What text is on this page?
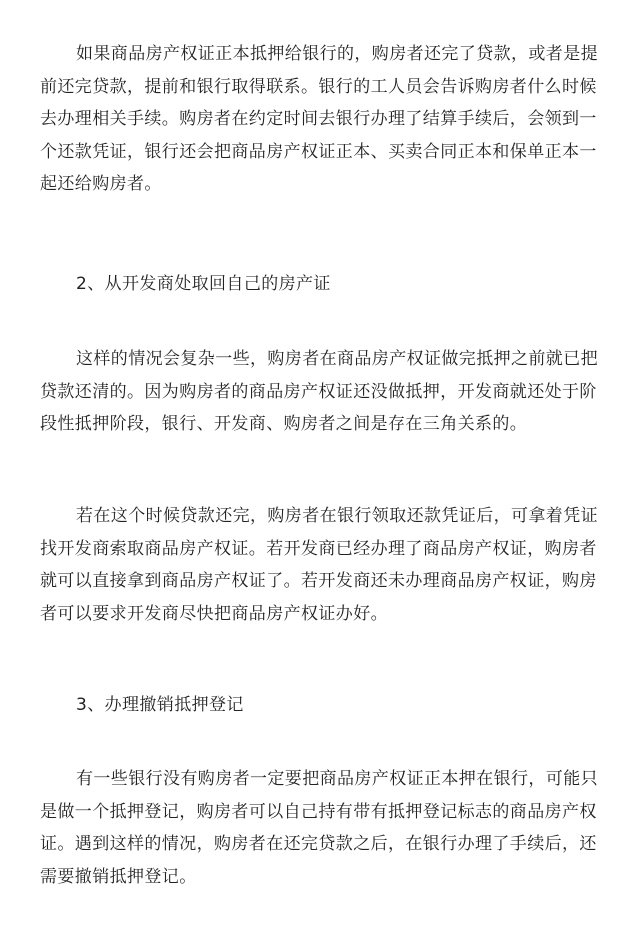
如果商品房产权证正本抵押给银行的，购房者还完了贷款，或者是提前还完贷款，提前和银行取得联系。银行的工人员会告诉购房者什么时候去办理相关手续。购房者在约定时间去银行办理了结算手续后，会领到一个还款凭证，银行还会把商品房产权证正本、买卖合同正本和保单正本一起还给购房者。

2、从开发商处取回自己的房产证

这样的情况会复杂一些，购房者在商品房产权证做完抵押之前就已把贷款还清的。因为购房者的商品房产权证还没做抵押，开发商就还处于阶段性抵押阶段，银行、开发商、购房者之间是存在三角关系的。

若在这个时候贷款还完，购房者在银行领取还款凭证后，可拿着凭证找开发商索取商品房产权证。若开发商已经办理了商品房产权证，购房者就可以直接拿到商品房产权证了。若开发商还未办理商品房产权证，购房者可以要求开发商尽快把商品房产权证办好。

3、办理撤销抵押登记

有一些银行没有购房者一定要把商品房产权证正本押在银行，可能只是做一个抵押登记，购房者可以自己持有带有抵押登记标志的商品房产权证。遇到这样的情况，购房者在还完贷款之后，在银行办理了手续后，还需要撤销抵押登记。
